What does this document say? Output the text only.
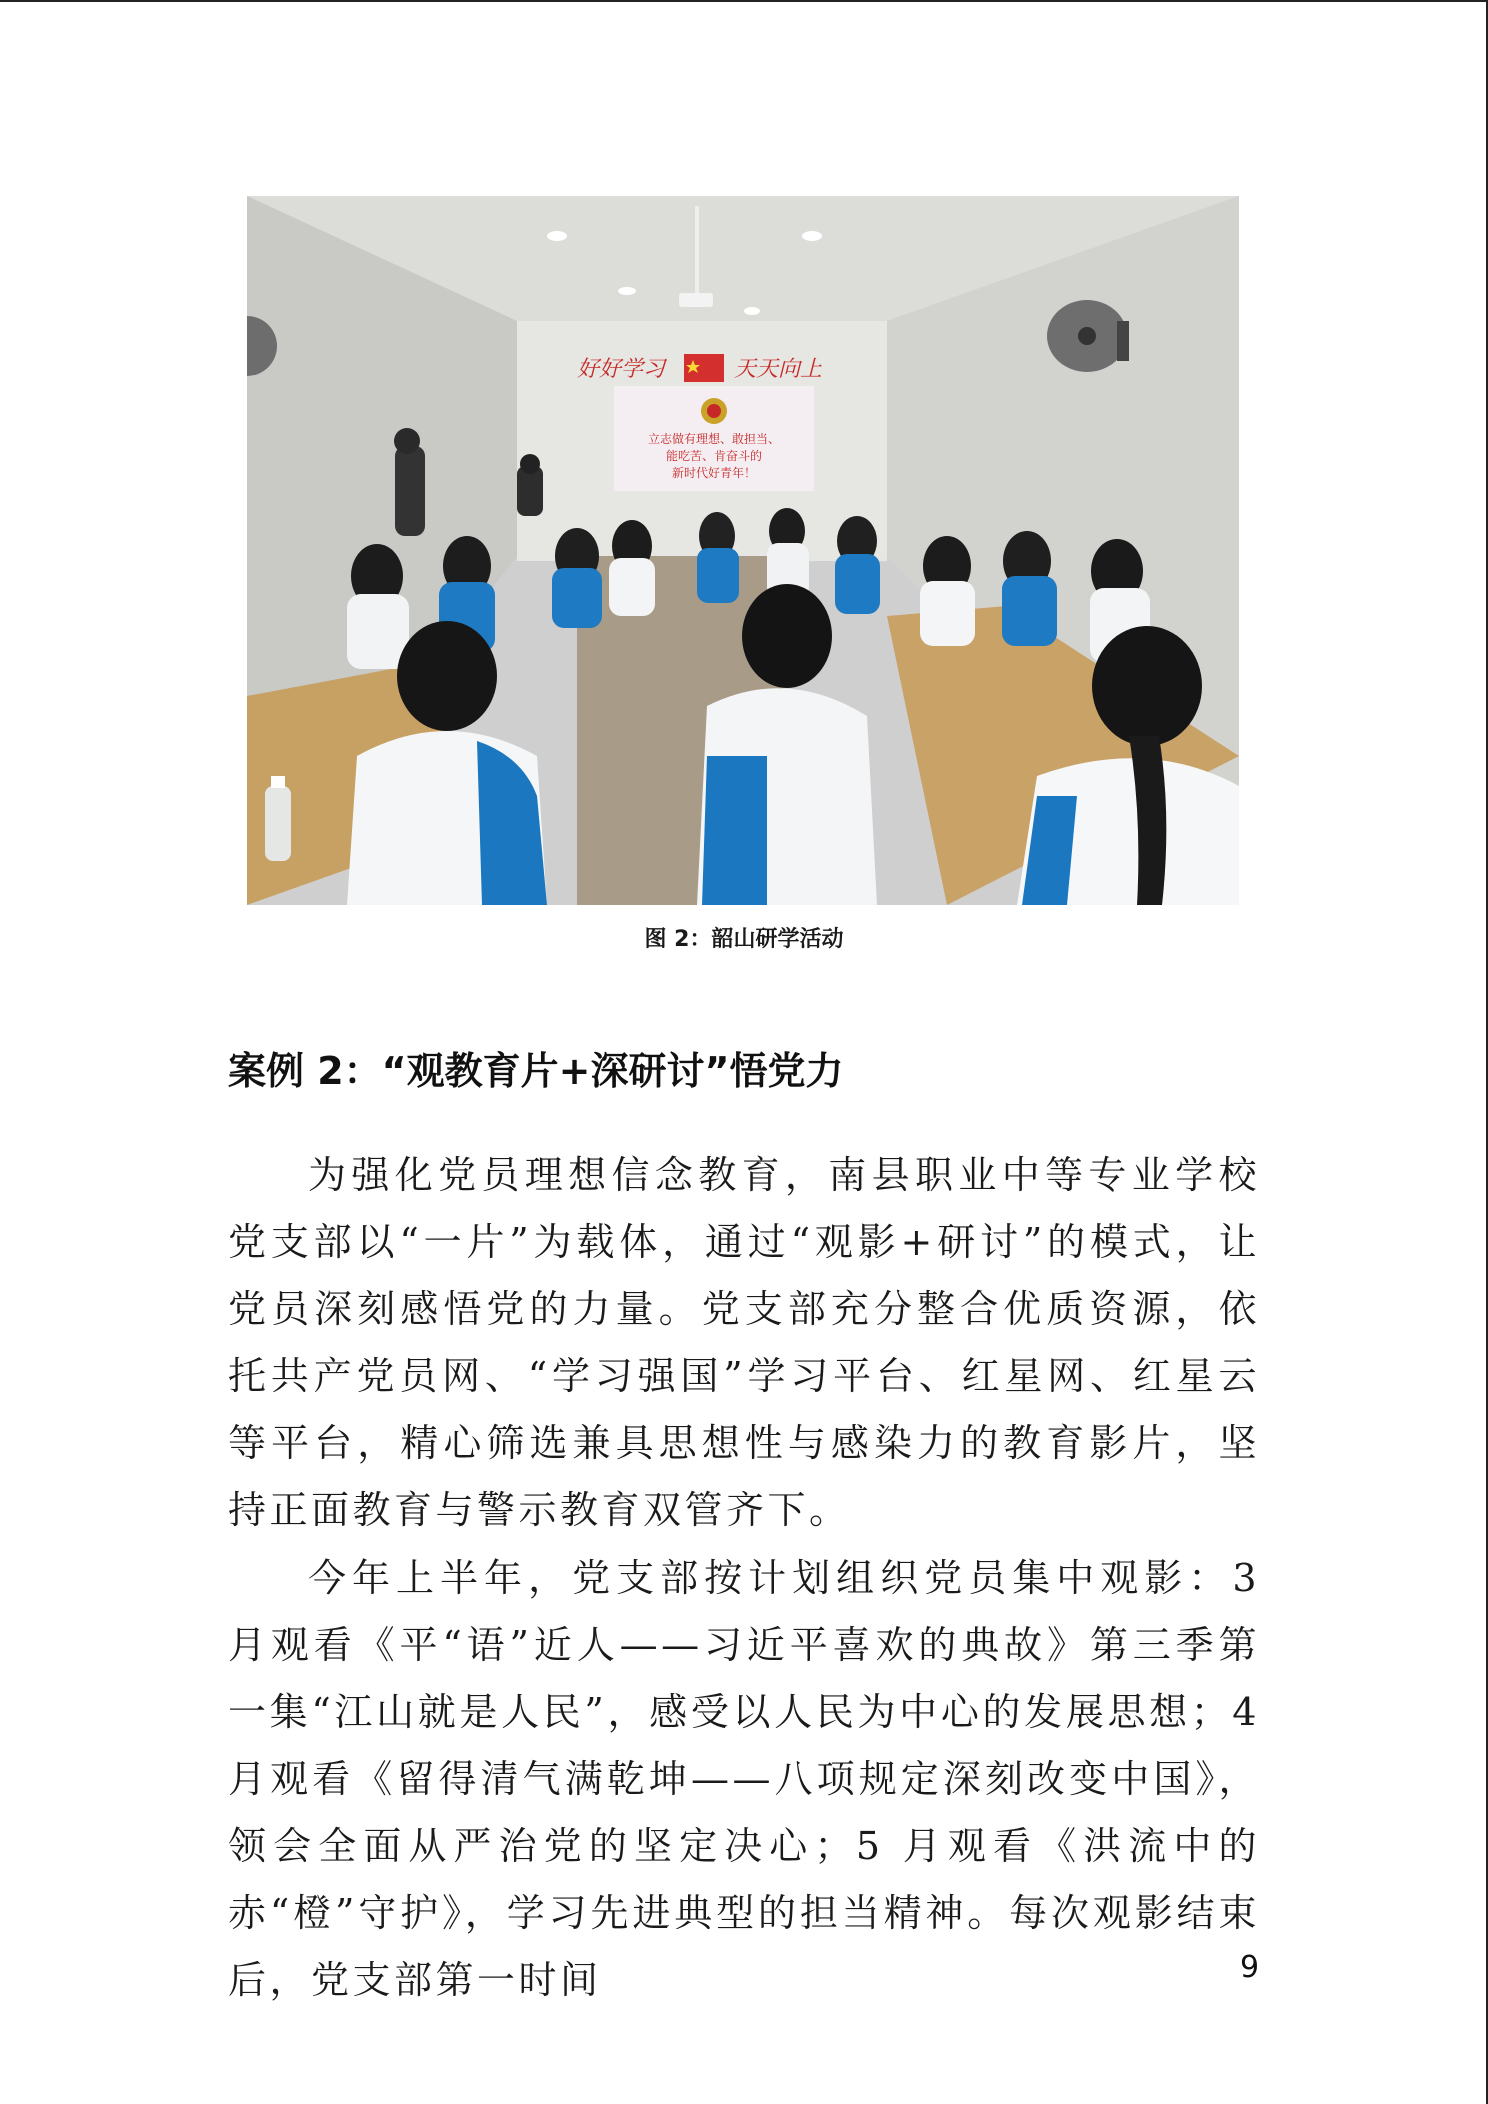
好好学习	天天向上
立志做有理想、敢担当、
能吃苦、肯奋斗的
新时代好青年！
图 2：韶山研学活动
案例 2：“观教育片+深研讨”悟党力

为强化党员理想信念教育，南县职业中等专业学校党支部以“一片”为载体，通过“观影+研讨”的模式，让党员深刻感悟党的力量。党支部充分整合优质资源，依托共产党员网、“学习强国”学习平台、红星网、红星云等平台，精心筛选兼具思想性与感染力的教育影片，坚持正面教育与警示教育双管齐下。

今年上半年，党支部按计划组织党员集中观影：3 月观看《平“语”近人——习近平喜欢的典故》第三季第一集“江山就是人民”，感受以人民为中心的发展思想；4 月观看《留得清气满乾坤——八项规定深刻改变中国》，领会全面从严治党的坚定决心；5 月观看《洪流中的赤“橙”守护》，学习先进典型的担当精神。每次观影结束后，党支部第一时间	9
